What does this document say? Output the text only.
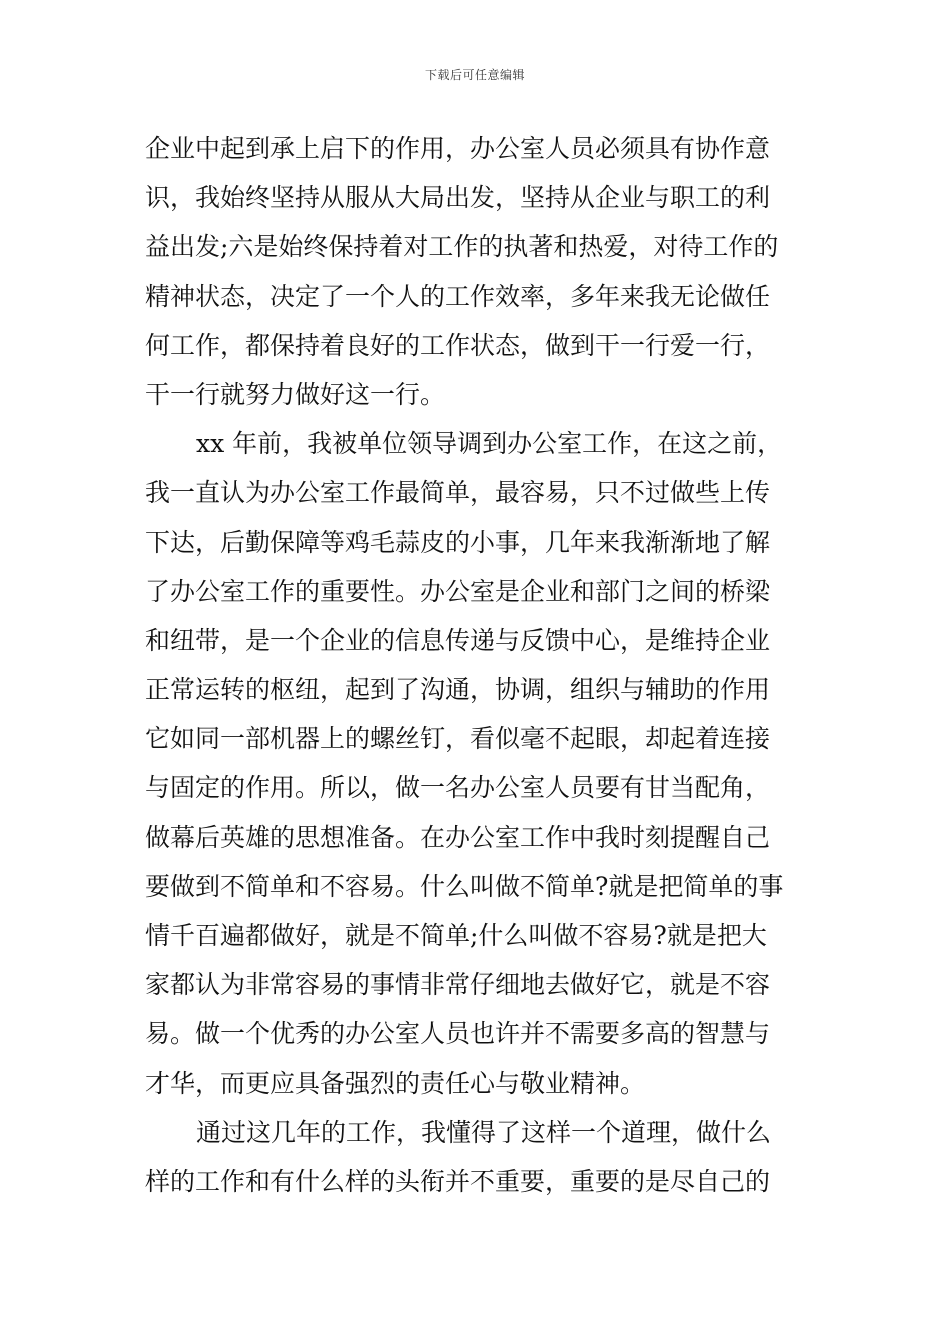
下载后可任意编辑
企业中起到承上启下的作用，办公室人员必须具有协作意
识，我始终坚持从服从大局出发，坚持从企业与职工的利
益出发;六是始终保持着对工作的执著和热爱，对待工作的
精神状态，决定了一个人的工作效率，多年来我无论做任
何工作，都保持着良好的工作状态，做到干一行爱一行，
干一行就努力做好这一行。
xx 年前，我被单位领导调到办公室工作，在这之前，
我一直认为办公室工作最简单，最容易，只不过做些上传
下达，后勤保障等鸡毛蒜皮的小事，几年来我渐渐地了解
了办公室工作的重要性。办公室是企业和部门之间的桥梁
和纽带，是一个企业的信息传递与反馈中心，是维持企业
正常运转的枢纽，起到了沟通，协调，组织与辅助的作用
它如同一部机器上的螺丝钉，看似毫不起眼，却起着连接
与固定的作用。所以，做一名办公室人员要有甘当配角，
做幕后英雄的思想准备。在办公室工作中我时刻提醒自己
要做到不简单和不容易。什么叫做不简单?就是把简单的事
情千百遍都做好，就是不简单;什么叫做不容易?就是把大
家都认为非常容易的事情非常仔细地去做好它，就是不容
易。做一个优秀的办公室人员也许并不需要多高的智慧与
才华，而更应具备强烈的责任心与敬业精神。
通过这几年的工作，我懂得了这样一个道理，做什么
样的工作和有什么样的头衔并不重要，重要的是尽自己的
